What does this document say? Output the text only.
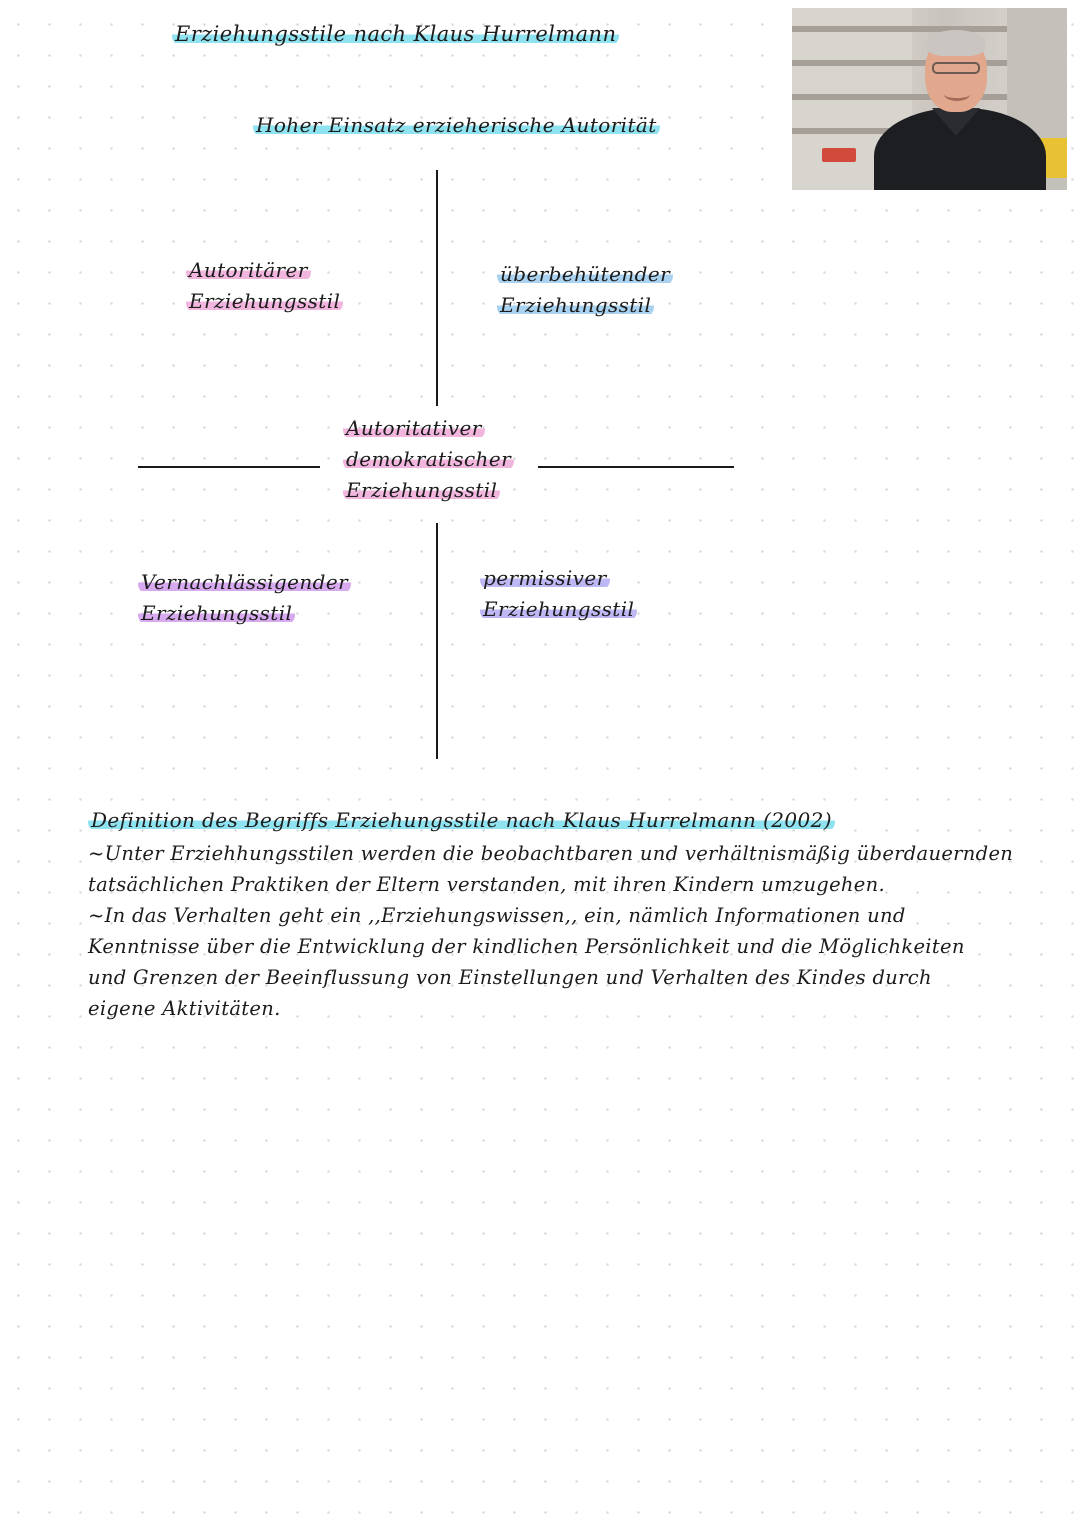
Erziehungsstile nach Klaus Hurrelmann
Hoher Einsatz erzieherische Autorität
Autoritärer
Erziehungsstil
überbehütender
Erziehungsstil
Autoritativer
demokratischer
Erziehungsstil
Vernachlässigender
Erziehungsstil
permissiver
Erziehungsstil
Definition des Begriffs Erziehungsstile nach Klaus Hurrelmann (2002)
~Unter Erziehhungsstilen werden die beobachtbaren und verhältnismäßig überdauernden
tatsächlichen Praktiken der Eltern verstanden, mit ihren Kindern umzugehen.
~In das Verhalten geht ein ,,Erziehungswissen,, ein, nämlich Informationen und
Kenntnisse über die Entwicklung der kindlichen Persönlichkeit und die Möglichkeiten
und Grenzen der Beeinflussung von Einstellungen und Verhalten des Kindes durch
eigene Aktivitäten.
